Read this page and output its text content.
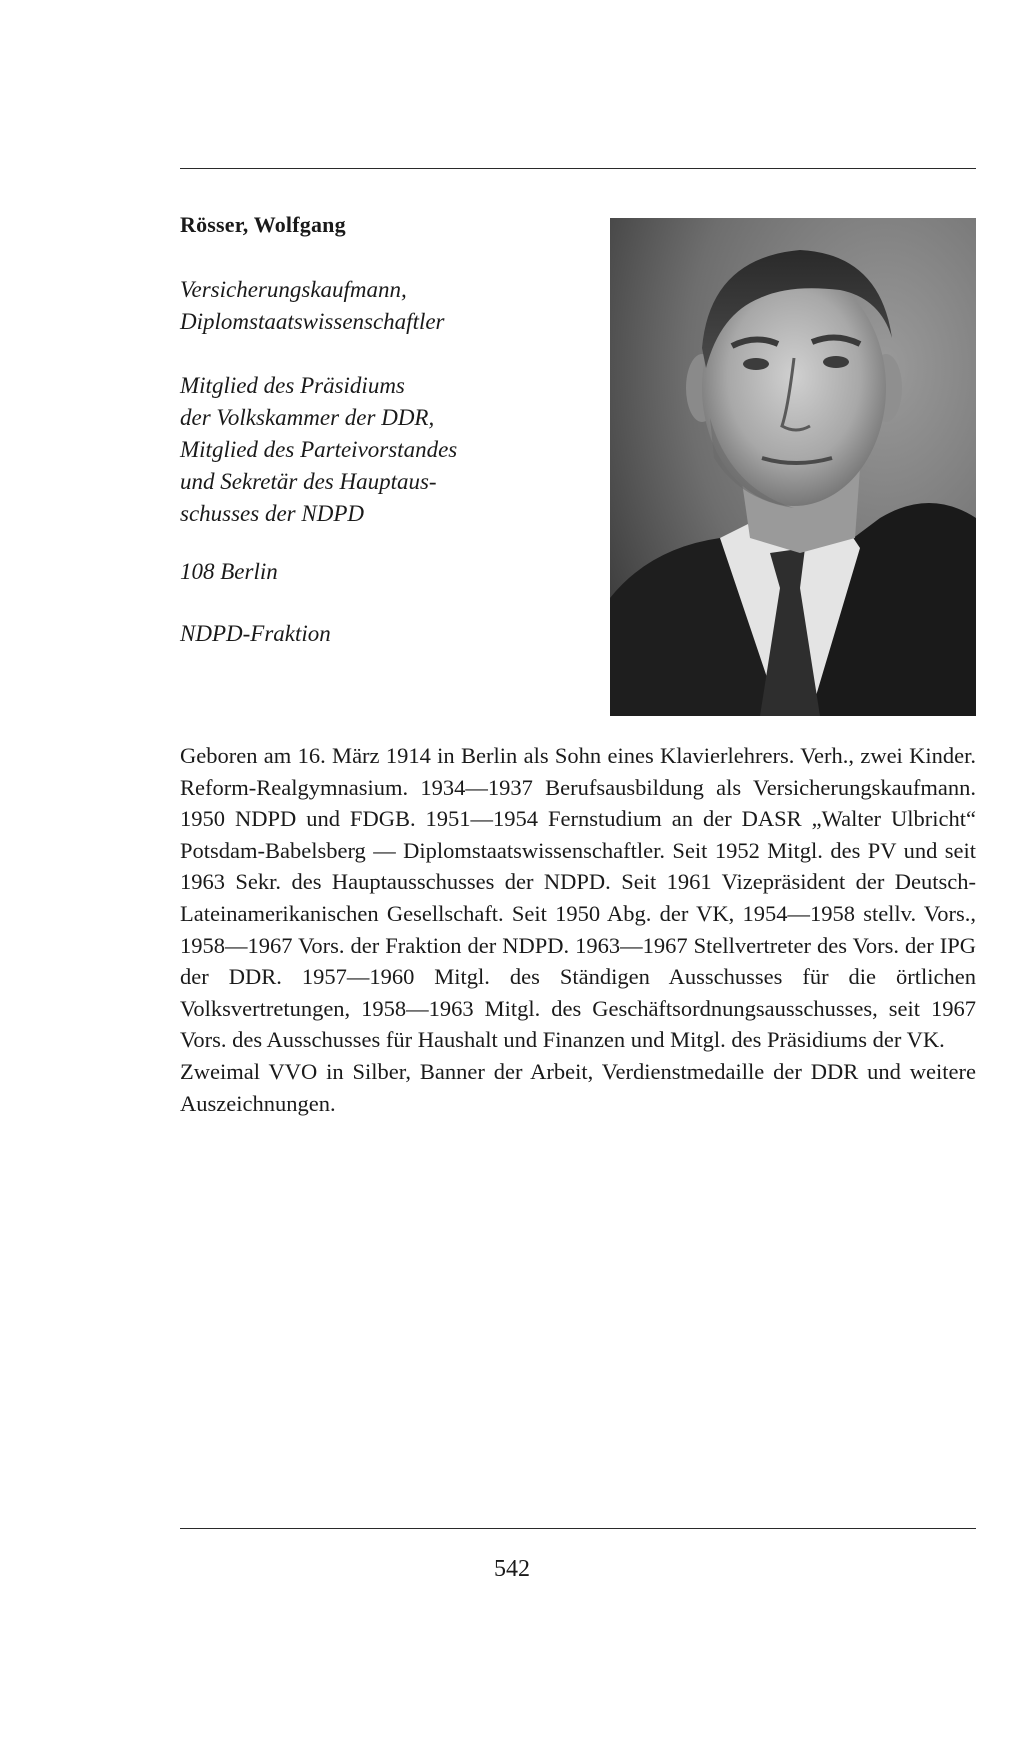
Rösser, Wolfgang
Versicherungskaufmann,
Diplomstaatswissenschaftler
Mitglied des Präsidiums
der Volkskammer der DDR,
Mitglied des Parteivorstandes
und Sekretär des Hauptaus-
schusses der NDPD
108 Berlin
NDPD-Fraktion

Geboren am 16. März 1914 in Berlin als Sohn eines Klavierlehrers. Verh., zwei Kinder. Reform-Realgymnasium. 1934—1937 Berufsausbildung als Versicherungskaufmann. 1950 NDPD und FDGB. 1951—1954 Fernstudium an der DASR „Walter Ulbricht“ Potsdam-Babelsberg — Diplomstaatswissenschaftler. Seit 1952 Mitgl. des PV und seit 1963 Sekr. des Hauptausschusses der NDPD. Seit 1961 Vizepräsident der Deutsch-Lateinamerikanischen Gesellschaft. Seit 1950 Abg. der VK, 1954—1958 stellv. Vors., 1958—1967 Vors. der Fraktion der NDPD. 1963—1967 Stellvertreter des Vors. der IPG der DDR. 1957—1960 Mitgl. des Ständigen Ausschusses für die örtlichen Volksvertretungen, 1958—1963 Mitgl. des Geschäftsordnungsausschusses, seit 1967 Vors. des Ausschusses für Haushalt und Finanzen und Mitgl. des Präsidiums der VK.

Zweimal VVO in Silber, Banner der Arbeit, Verdienstmedaille der DDR und weitere Auszeichnungen.

542
